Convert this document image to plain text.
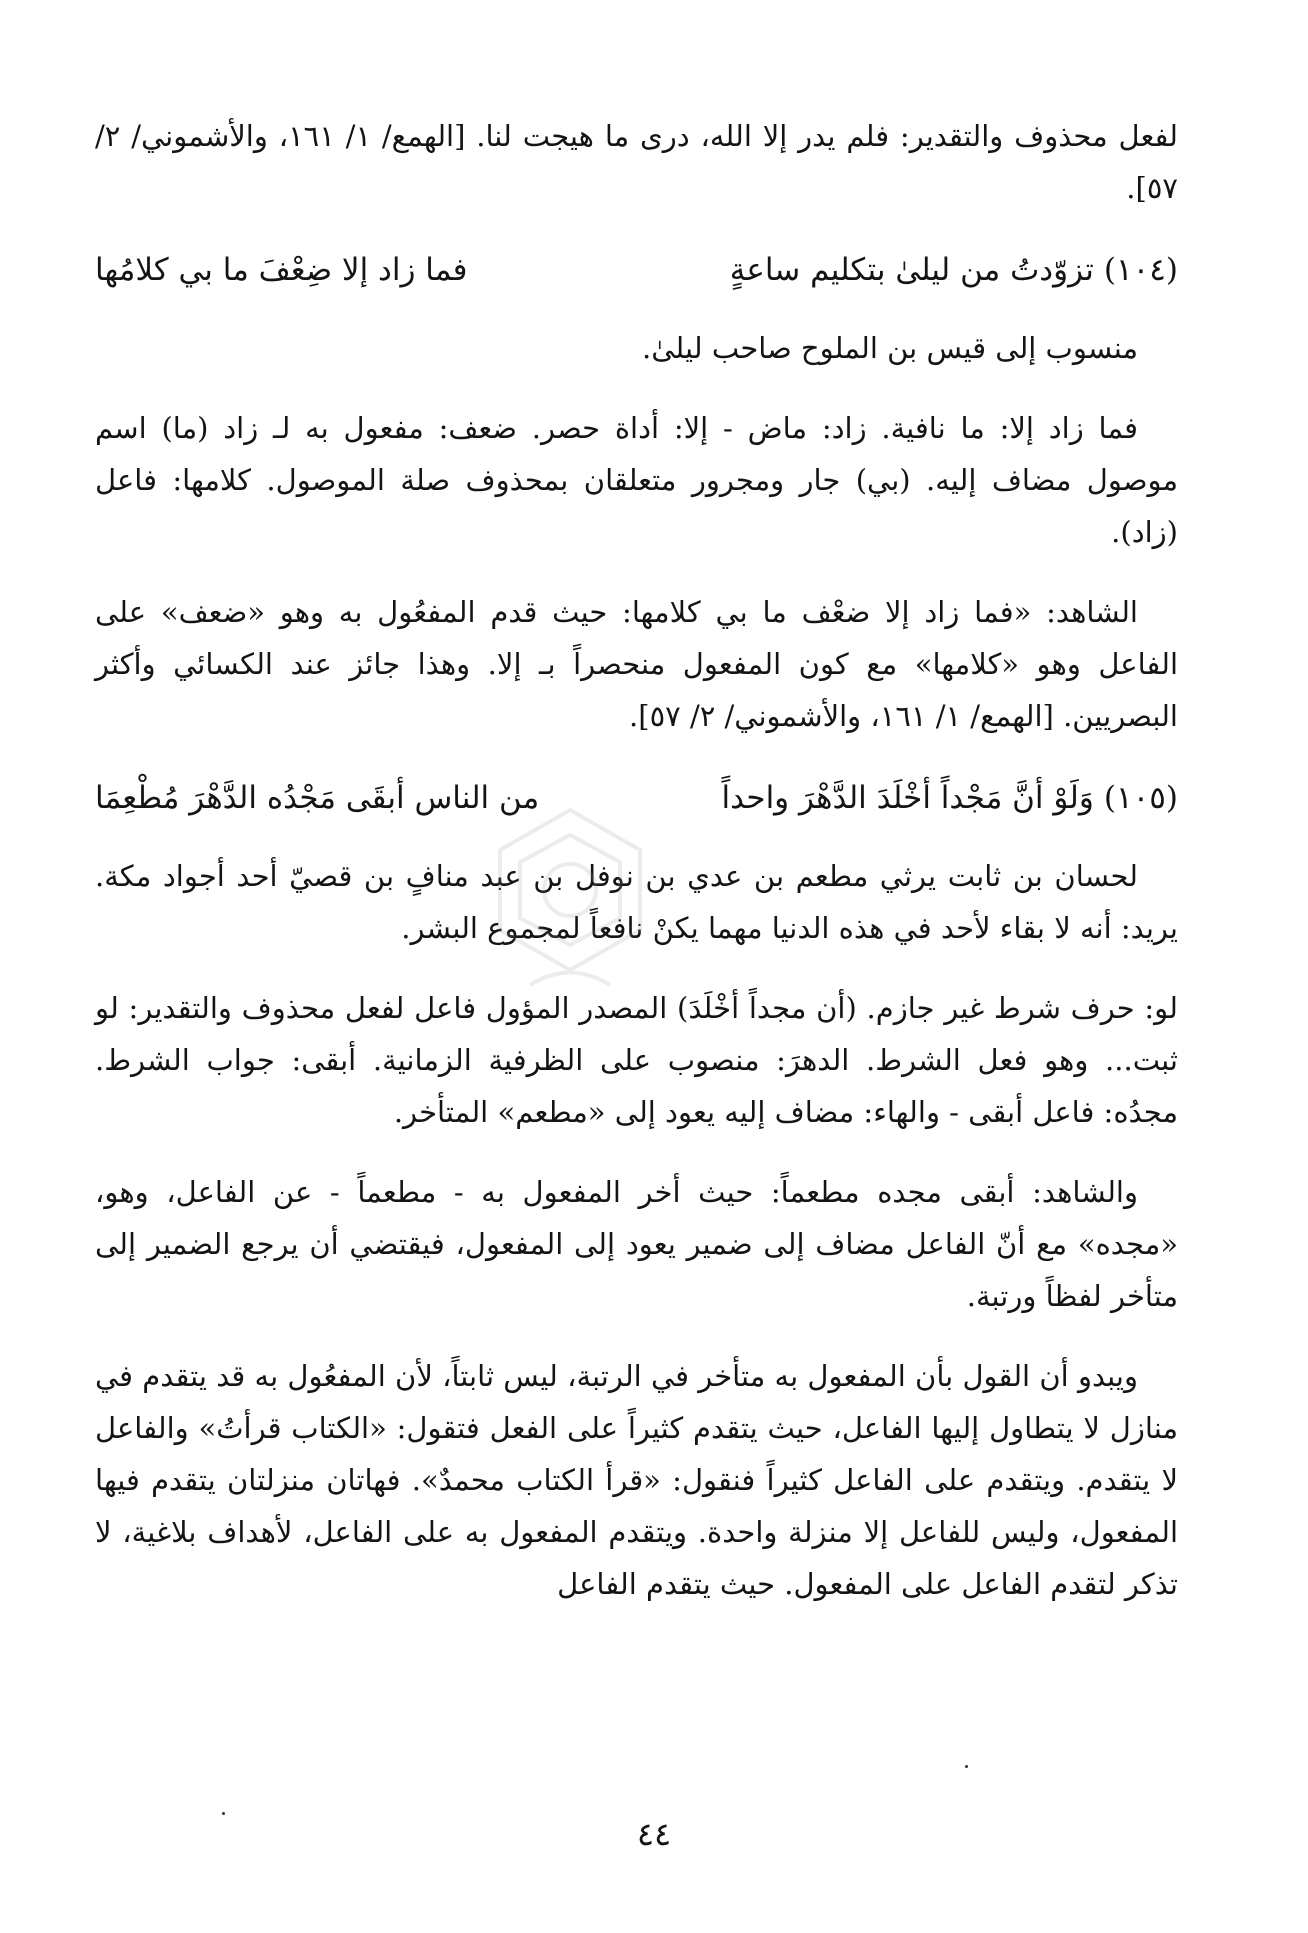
لفعل محذوف والتقدير: فلم يدر إلا الله، درى ما هيجت لنا. [الهمع/ ١/ ١٦١، والأشموني/ ٢/ ٥٧].

(١٠٤)تزوّدتُ من ليلىٰ بتكليم ساعةٍ
فما زاد إلا ضِعْفَ ما بي كلامُها

منسوب إلى قيس بن الملوح صاحب ليلىٰ.

فما زاد إلا: ما نافية. زاد: ماض - إلا: أداة حصر. ضعف: مفعول به لـ زاد (ما) اسم موصول مضاف إليه. (بي) جار ومجرور متعلقان بمحذوف صلة الموصول. كلامها: فاعل (زاد).

الشاهد: «فما زاد إلا ضعْف ما بي كلامها: حيث قدم المفعُول به وهو «ضعف» على الفاعل وهو «كلامها» مع كون المفعول منحصراً بـ إلا. وهذا جائز عند الكسائي وأكثر البصريين. [الهمع/ ١/ ١٦١، والأشموني/ ٢/ ٥٧].

(١٠٥)وَلَوْ أنَّ مَجْداً أخْلَدَ الدَّهْرَ واحداً
من الناس أبقَى مَجْدُه الدَّهْرَ مُطْعِمَا

لحسان بن ثابت يرثي مطعم بن عدي بن نوفل بن عبد منافٍ بن قصيّ أحد أجواد مكة. يريد: أنه لا بقاء لأحد في هذه الدنيا مهما يكنْ نافعاً لمجموع البشر.

لو: حرف شرط غير جازم. (أن مجداً أخْلَدَ) المصدر المؤول فاعل لفعل محذوف والتقدير: لو ثبت... وهو فعل الشرط. الدهرَ: منصوب على الظرفية الزمانية. أبقى: جواب الشرط. مجدُه: فاعل أبقى - والهاء: مضاف إليه يعود إلى «مطعم» المتأخر.

والشاهد: أبقى مجده مطعماً: حيث أخر المفعول به - مطعماً - عن الفاعل، وهو، «مجده» مع أنّ الفاعل مضاف إلى ضمير يعود إلى المفعول، فيقتضي أن يرجع الضمير إلى متأخر لفظاً ورتبة.

ويبدو أن القول بأن المفعول به متأخر في الرتبة، ليس ثابتاً، لأن المفعُول به قد يتقدم في منازل لا يتطاول إليها الفاعل، حيث يتقدم كثيراً على الفعل فتقول: «الكتاب قرأتُ» والفاعل لا يتقدم. ويتقدم على الفاعل كثيراً فنقول: «قرأ الكتاب محمدٌ». فهاتان منزلتان يتقدم فيها المفعول، وليس للفاعل إلا منزلة واحدة. ويتقدم المفعول به على الفاعل، لأهداف بلاغية، لا تذكر لتقدم الفاعل على المفعول. حيث يتقدم الفاعل

٤٤
